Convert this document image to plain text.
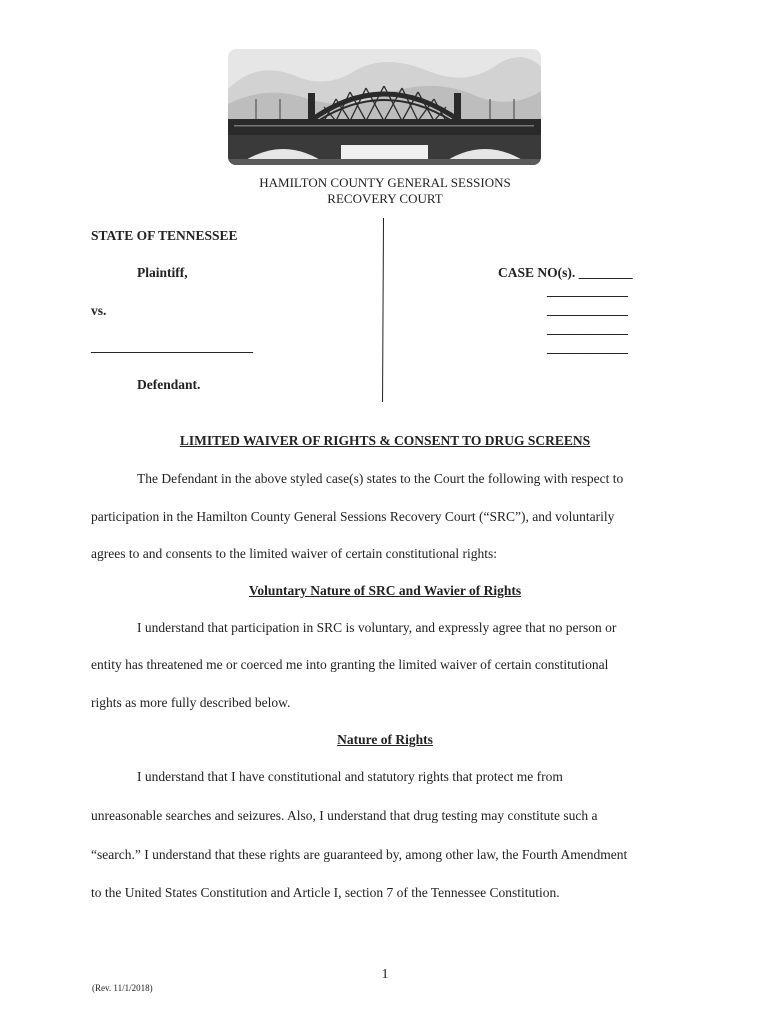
HAMILTON COUNTY GENERAL SESSIONS
RECOVERY COURT
STATE OF TENNESSEE
Plaintiff,
vs.
________________________
Defendant.
CASE NO(s). ________
____________
____________
____________
____________
LIMITED WAIVER OF RIGHTS & CONSENT TO DRUG SCREENS
The Defendant in the above styled case(s) states to the Court the following with respect to
participation in the Hamilton County General Sessions Recovery Court (“SRC”), and voluntarily
agrees to and consents to the limited waiver of certain constitutional rights:
Voluntary Nature of SRC and Wavier of Rights
I understand that participation in SRC is voluntary, and expressly agree that no person or
entity has threatened me or coerced me into granting the limited waiver of certain constitutional
rights as more fully described below.
Nature of Rights
I understand that I have constitutional and statutory rights that protect me from
unreasonable searches and seizures. Also, I understand that drug testing may constitute such a
“search.” I understand that these rights are guaranteed by, among other law, the Fourth Amendment
to the United States Constitution and Article I, section 7 of the Tennessee Constitution.
1
(Rev. 11/1/2018)
